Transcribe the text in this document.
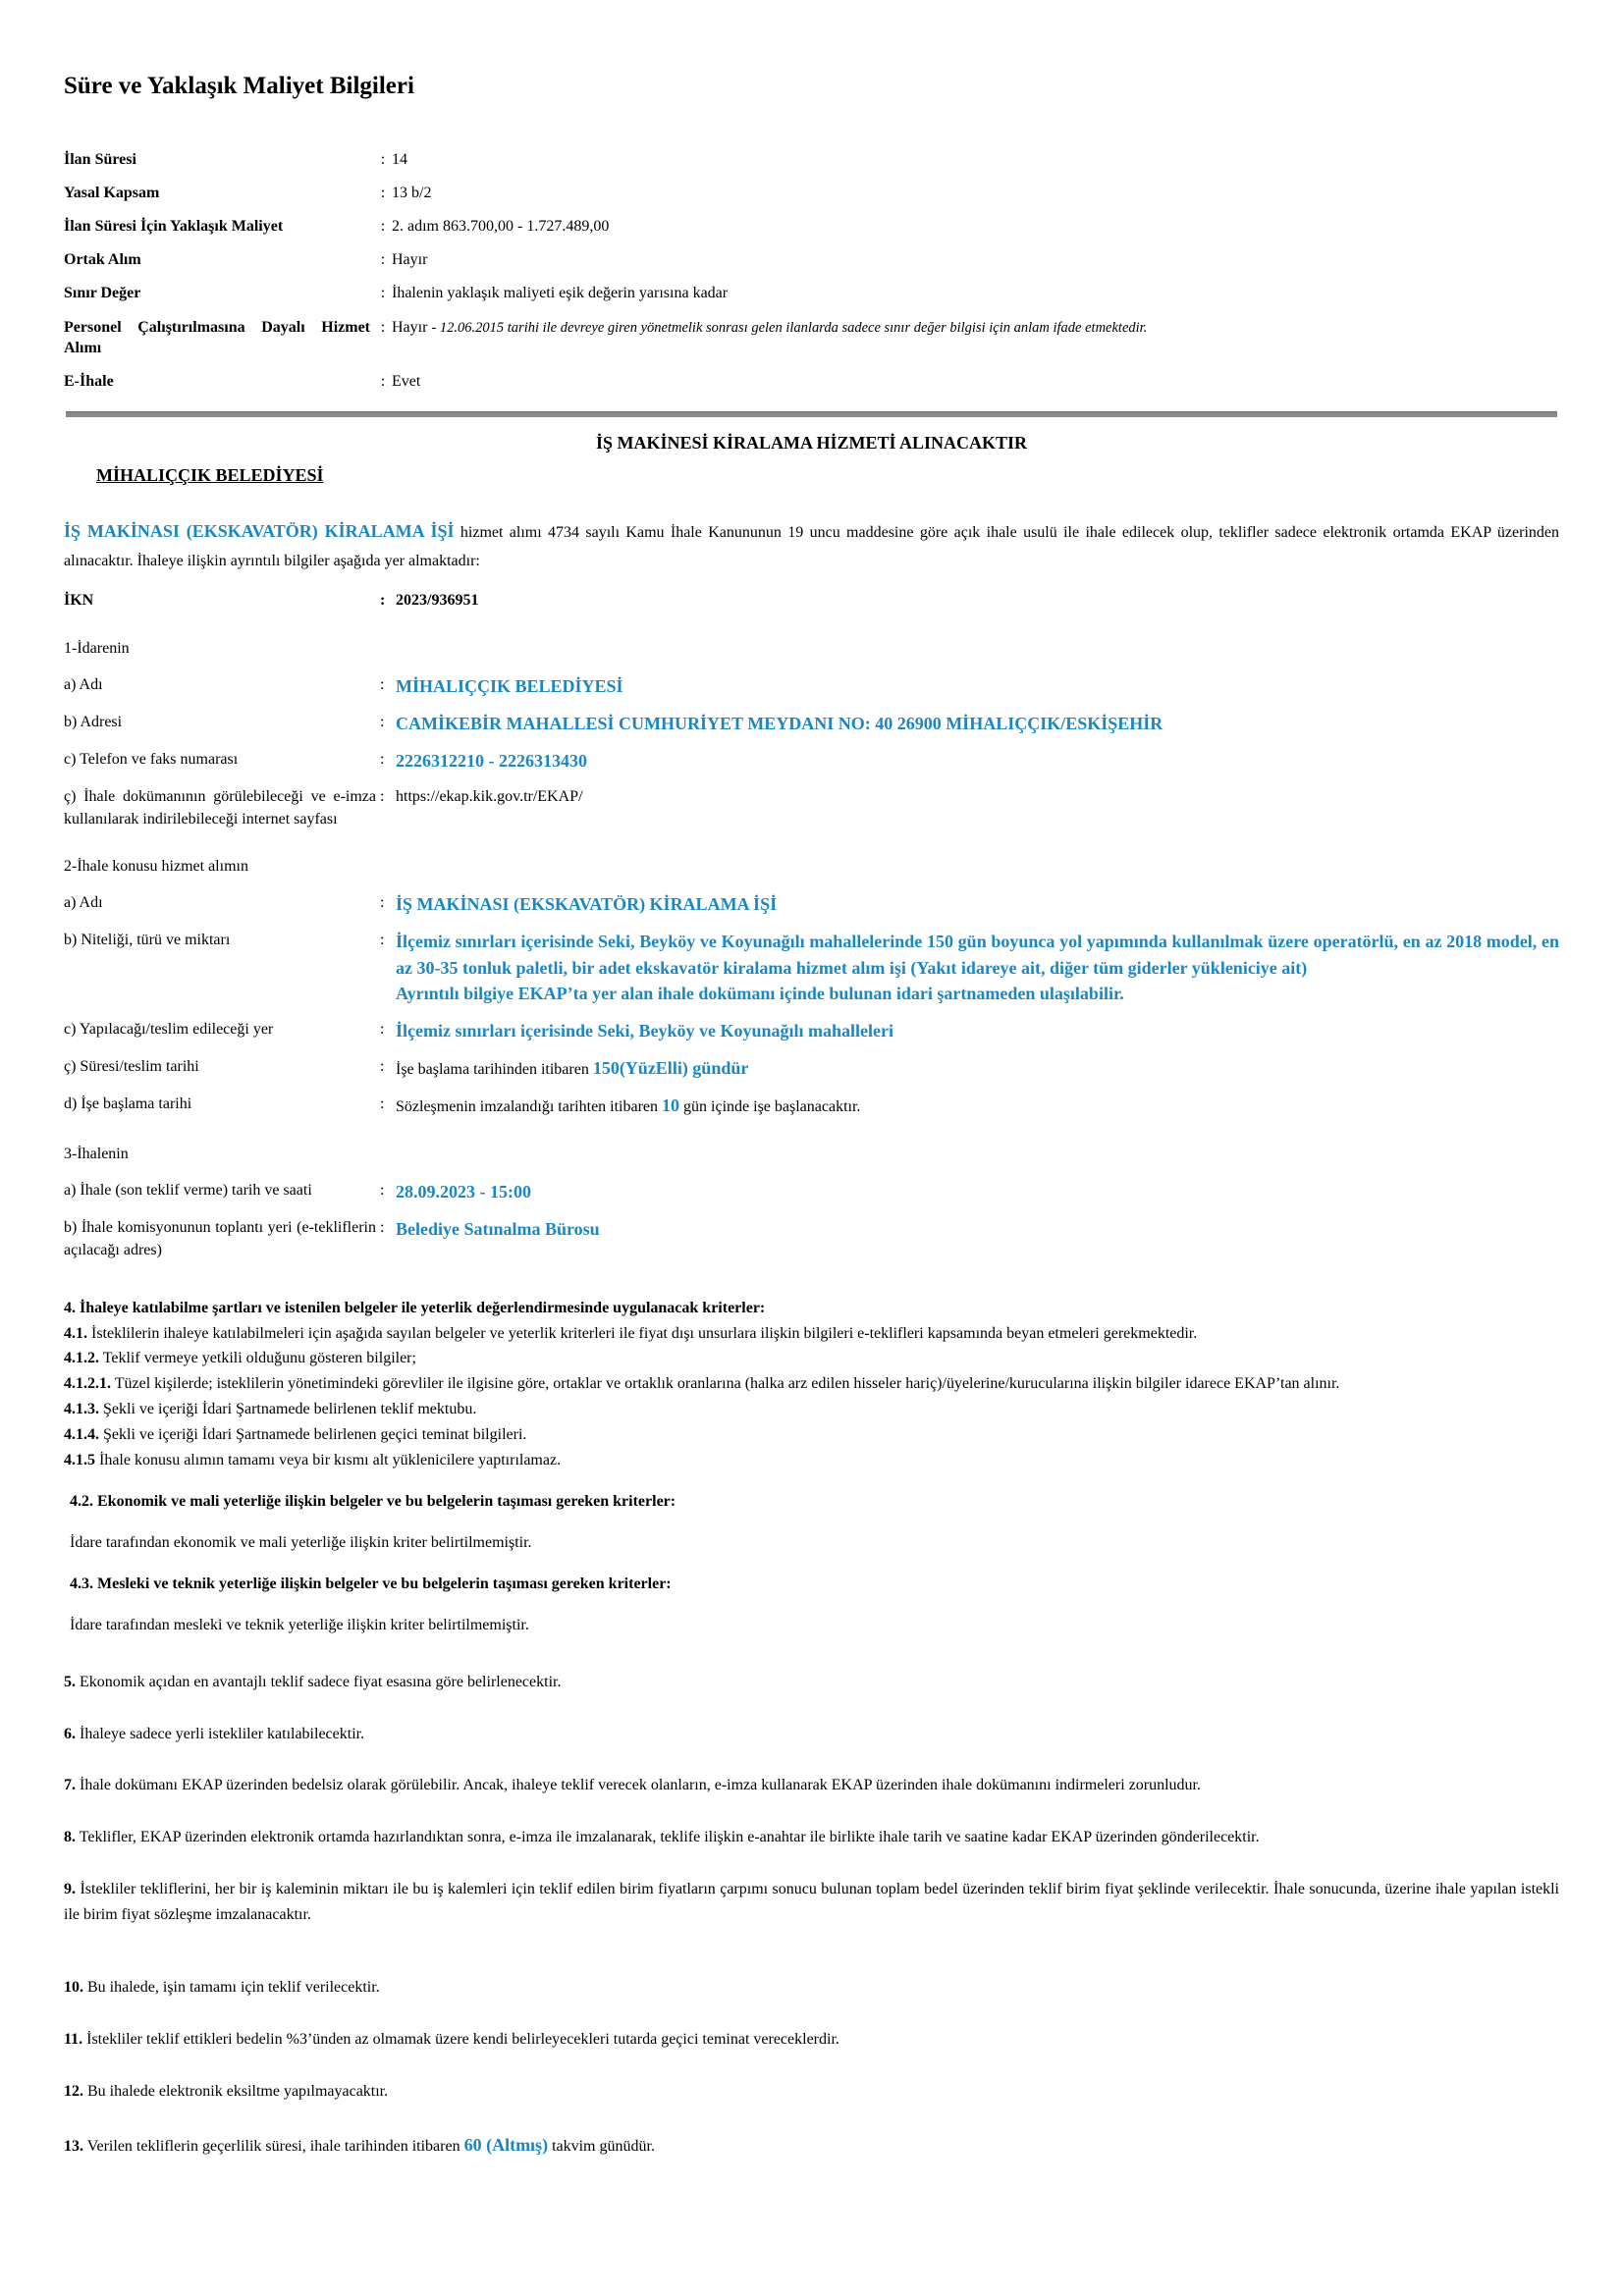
Süre ve Yaklaşık Maliyet Bilgileri
İlan Süresi	: 14
Yasal Kapsam	: 13 b/2
İlan Süresi İçin Yaklaşık Maliyet	: 2. adım 863.700,00 - 1.727.489,00
Ortak Alım	: Hayır
Sınır Değer	: İhalenin yaklaşık maliyeti eşik değerin yarısına kadar
Personel Çalıştırılmasına Dayalı Hizmet Alımı
: Hayır - 12.06.2015 tarihi ile devreye giren yönetmelik sonrası gelen ilanlarda sadece sınır değer bilgisi için anlam ifade etmektedir.
E-İhale	: Evet
İŞ MAKİNESİ KİRALAMA HİZMETİ ALINACAKTIR
MİHALIÇÇIK BELEDİYESİ
İŞ MAKİNASI (EKSKAVATÖR) KİRALAMA İŞİ hizmet alımı 4734 sayılı Kamu İhale Kanununun 19 uncu maddesine göre açık ihale usulü ile ihale edilecek olup, teklifler sadece elektronik ortamda EKAP üzerinden alınacaktır. İhaleye ilişkin ayrıntılı bilgiler aşağıda yer almaktadır:
İKN	: 2023/936951
1-İdarenin
a) Adı	: MİHALIÇÇIK BELEDİYESİ
b) Adresi	: CAMİKEBİR MAHALLESİ CUMHURİYET MEYDANI NO: 40 26900 MİHALIÇÇIK/ESKİŞEHİR
c) Telefon ve faks numarası	: 2226312210 - 2226313430
ç) İhale dokümanının görülebileceği ve e-imza kullanılarak indirilebileceği internet sayfası
: https://ekap.kik.gov.tr/EKAP/
2-İhale konusu hizmet alımın
a) Adı	: İŞ MAKİNASI (EKSKAVATÖR) KİRALAMA İŞİ
b) Niteliği, türü ve miktarı	: İlçemiz sınırları içerisinde Seki, Beyköy ve Koyunağılı mahallelerinde 150 gün boyunca yol yapımında kullanılmak üzere operatörlü, en az 2018 model, en az 30-35 tonluk paletli, bir adet ekskavatör kiralama hizmet alım işi (Yakıt idareye ait, diğer tüm giderler yükleniciye ait)
Ayrıntılı bilgiye EKAP’ta yer alan ihale dokümanı içinde bulunan idari şartnameden ulaşılabilir.
c) Yapılacağı/teslim edileceği yer	: İlçemiz sınırları içerisinde Seki, Beyköy ve Koyunağılı mahalleleri
ç) Süresi/teslim tarihi	: İşe başlama tarihinden itibaren 150(YüzElli) gündür
d) İşe başlama tarihi	: Sözleşmenin imzalandığı tarihten itibaren 10 gün içinde işe başlanacaktır.
3-İhalenin
a) İhale (son teklif verme) tarih ve saati	: 28.09.2023 - 15:00
b) İhale komisyonunun toplantı yeri (e-tekliflerin açılacağı adres)
: Belediye Satınalma Bürosu
4. İhaleye katılabilme şartları ve istenilen belgeler ile yeterlik değerlendirmesinde uygulanacak kriterler:
4.1. İsteklilerin ihaleye katılabilmeleri için aşağıda sayılan belgeler ve yeterlik kriterleri ile fiyat dışı unsurlara ilişkin bilgileri e-teklifleri kapsamında beyan etmeleri gerekmektedir.
4.1.2. Teklif vermeye yetkili olduğunu gösteren bilgiler;
4.1.2.1. Tüzel kişilerde; isteklilerin yönetimindeki görevliler ile ilgisine göre, ortaklar ve ortaklık oranlarına (halka arz edilen hisseler hariç)/üyelerine/kurucularına ilişkin bilgiler idarece EKAP’tan alınır.
4.1.3. Şekli ve içeriği İdari Şartnamede belirlenen teklif mektubu.
4.1.4. Şekli ve içeriği İdari Şartnamede belirlenen geçici teminat bilgileri.
4.1.5 İhale konusu alımın tamamı veya bir kısmı alt yüklenicilere yaptırılamaz.
4.2. Ekonomik ve mali yeterliğe ilişkin belgeler ve bu belgelerin taşıması gereken kriterler:
İdare tarafından ekonomik ve mali yeterliğe ilişkin kriter belirtilmemiştir.
4.3. Mesleki ve teknik yeterliğe ilişkin belgeler ve bu belgelerin taşıması gereken kriterler:
İdare tarafından mesleki ve teknik yeterliğe ilişkin kriter belirtilmemiştir.
5. Ekonomik açıdan en avantajlı teklif sadece fiyat esasına göre belirlenecektir.
6. İhaleye sadece yerli istekliler katılabilecektir.
7. İhale dokümanı EKAP üzerinden bedelsiz olarak görülebilir. Ancak, ihaleye teklif verecek olanların, e-imza kullanarak EKAP üzerinden ihale dokümanını indirmeleri zorunludur.
8. Teklifler, EKAP üzerinden elektronik ortamda hazırlandıktan sonra, e-imza ile imzalanarak, teklife ilişkin e-anahtar ile birlikte ihale tarih ve saatine kadar EKAP üzerinden gönderilecektir.
9. İstekliler tekliflerini, her bir iş kaleminin miktarı ile bu iş kalemleri için teklif edilen birim fiyatların çarpımı sonucu bulunan toplam bedel üzerinden teklif birim fiyat şeklinde verilecektir. İhale sonucunda, üzerine ihale yapılan istekli ile birim fiyat sözleşme imzalanacaktır.
10. Bu ihalede, işin tamamı için teklif verilecektir.
11. İstekliler teklif ettikleri bedelin %3’ünden az olmamak üzere kendi belirleyecekleri tutarda geçici teminat vereceklerdir.
12. Bu ihalede elektronik eksiltme yapılmayacaktır.
13. Verilen tekliflerin geçerlilik süresi, ihale tarihinden itibaren 60 (Altmış) takvim günüdür.
